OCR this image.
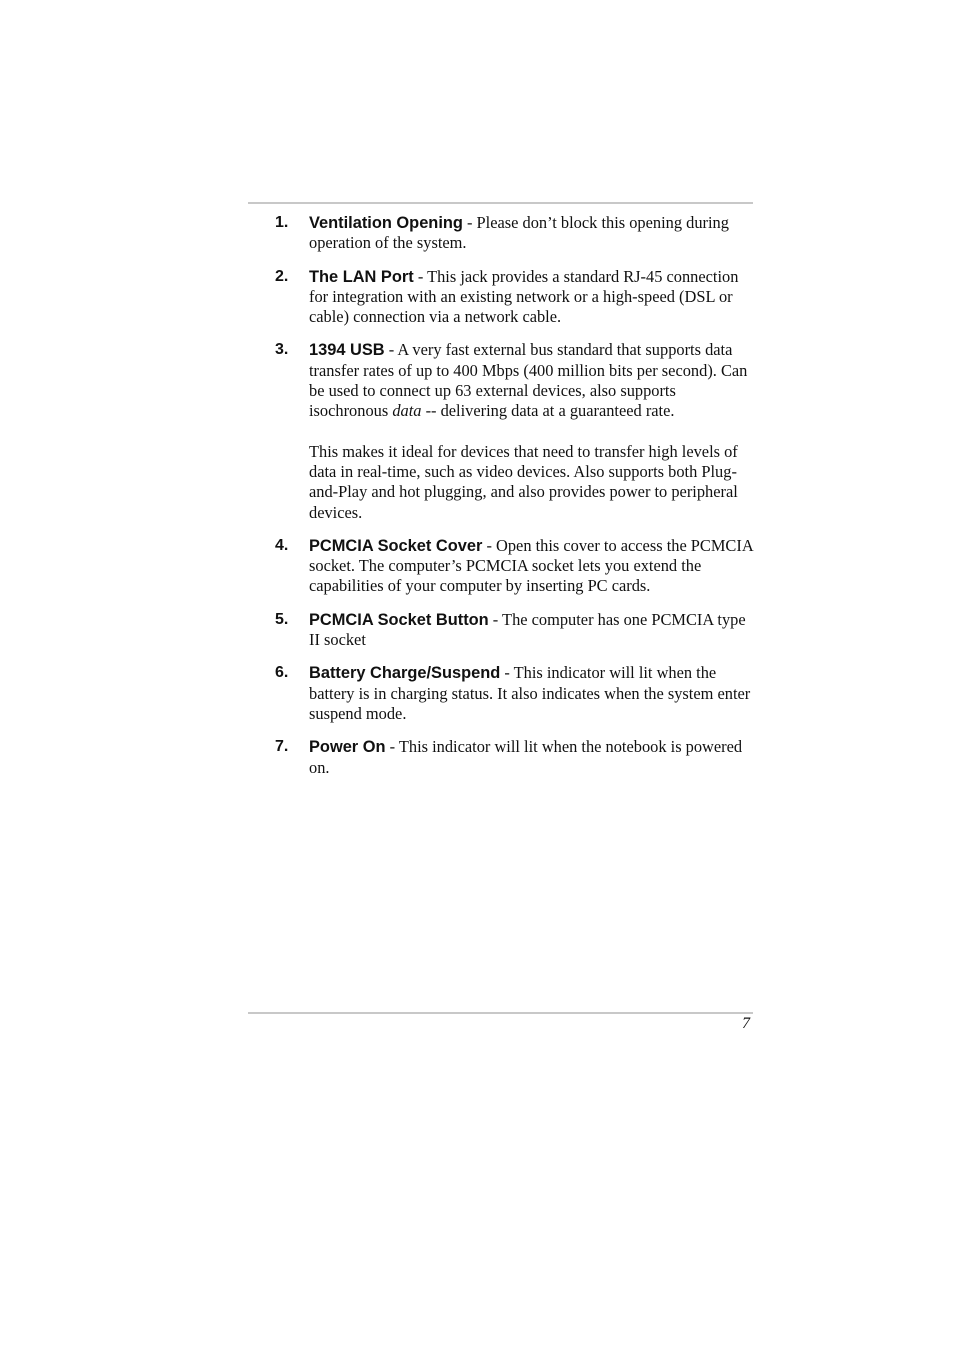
1. Ventilation Opening - Please don’t block this opening during operation of the system.
2. The LAN Port - This jack provides a standard RJ-45 connection for integration with an existing network or a high-speed (DSL or cable) connection via a network cable.
3. 1394 USB - A very fast external bus standard that supports data transfer rates of up to 400 Mbps (400 million bits per second). Can be used to connect up 63 external devices, also supports isochronous data -- delivering data at a guaranteed rate.
This makes it ideal for devices that need to transfer high levels of data in real-time, such as video devices. Also supports both Plug-and-Play and hot plugging, and also provides power to peripheral devices.
4. PCMCIA Socket Cover - Open this cover to access the PCMCIA socket. The computer’s PCMCIA socket lets you extend the capabilities of your computer by inserting PC cards.
5. PCMCIA Socket Button - The computer has one PCMCIA type II socket
6. Battery Charge/Suspend - This indicator will lit when the battery is in charging status. It also indicates when the system enter suspend mode.
7. Power On - This indicator will lit when the notebook is powered on.
7
